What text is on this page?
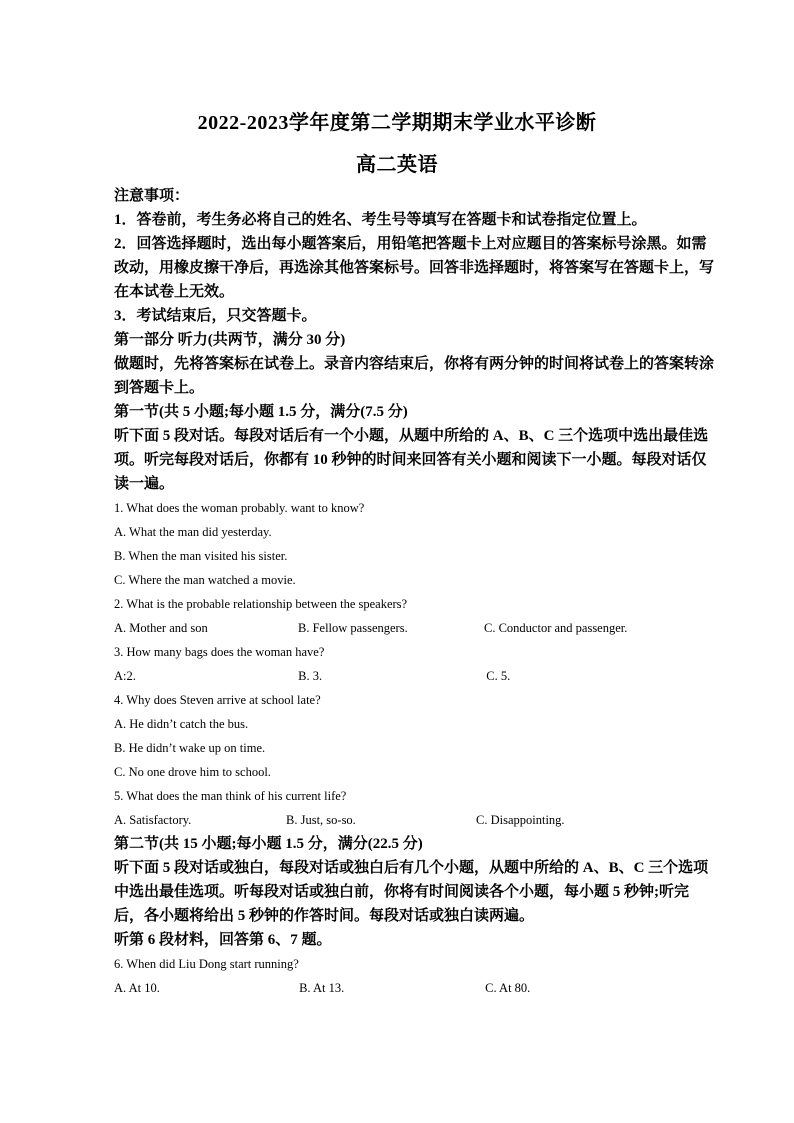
2022-2023学年度第二学期期末学业水平诊断
高二英语

注意事项：

1．答卷前，考生务必将自己的姓名、考生号等填写在答题卡和试卷指定位置上。

2．回答选择题时，选出每小题答案后，用铅笔把答题卡上对应题目的答案标号涂黑。如需改动，用橡皮擦干净后，再选涂其他答案标号。回答非选择题时，将答案写在答题卡上，写在本试卷上无效。

3．考试结束后，只交答题卡。

第一部分 听力(共两节，满分 30 分)

做题时，先将答案标在试卷上。录音内容结束后，你将有两分钟的时间将试卷上的答案转涂到答题卡上。

第一节(共 5 小题;每小题 1.5 分，满分(7.5 分)

听下面 5 段对话。每段对话后有一个小题，从题中所给的 A、B、C 三个选项中选出最佳选项。听完每段对话后，你都有 10 秒钟的时间来回答有关小题和阅读下一小题。每段对话仅读一遍。

1. What does the woman probably. want to know?

A. What the man did yesterday.

B. When the man visited his sister.

C. Where the man watched a movie.

2. What is the probable relationship between the speakers?

A. Mother and son	B. Fellow passengers.	C. Conductor and passenger.

3. How many bags does the woman have?

A:2.	B. 3.	C. 5.

4. Why does Steven arrive at school late?

A. He didn’t catch the bus.

B. He didn’t wake up on time.

C. No one drove him to school.

5. What does the man think of his current life?

A. Satisfactory.	B. Just, so-so.	C. Disappointing.

第二节(共 15 小题;每小题 1.5 分，满分(22.5 分)

听下面 5 段对话或独白，每段对话或独白后有几个小题，从题中所给的 A、B、C 三个选项中选出最佳选项。听每段对话或独白前，你将有时间阅读各个小题，每小题 5 秒钟;听完后，各小题将给出 5 秒钟的作答时间。每段对话或独白读两遍。

听第 6 段材料，回答第 6、7 题。

6. When did Liu Dong start running?

A. At 10.	B. At 13.	C. At 80.
